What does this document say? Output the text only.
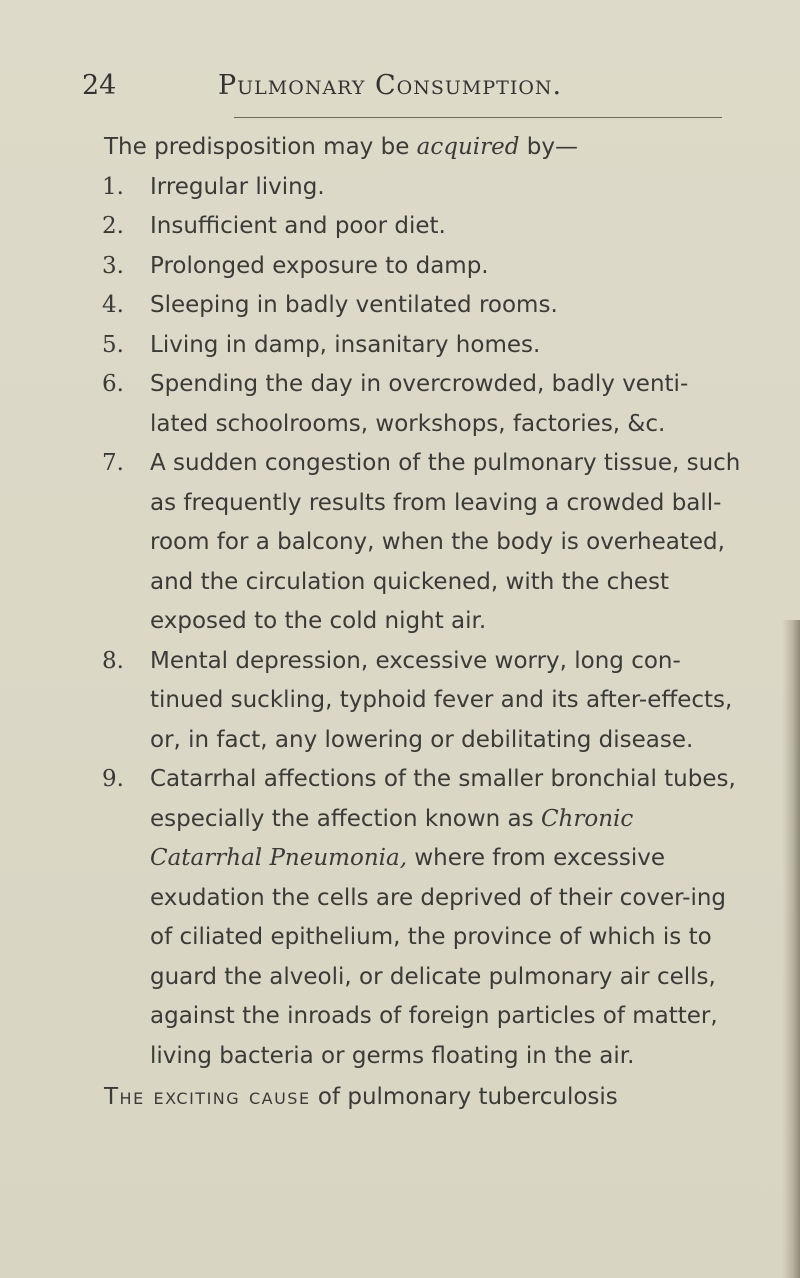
24	Pulmonary Consumption.

The predisposition may be acquired by—

1. Irregular living.
2. Insufficient and poor diet.
3. Prolonged exposure to damp.
4. Sleeping in badly ventilated rooms.
5. Living in damp, insanitary homes.
6. Spending the day in overcrowded, badly venti-lated schoolrooms, workshops, factories, &c.
7. A sudden congestion of the pulmonary tissue, such as frequently results from leaving a crowded ball-room for a balcony, when the body is overheated, and the circulation quickened, with the chest exposed to the cold night air.
8. Mental depression, excessive worry, long con-tinued suckling, typhoid fever and its after-effects, or, in fact, any lowering or debilitating disease.
9. Catarrhal affections of the smaller bronchial tubes, especially the affection known as Chronic Catarrhal Pneumonia, where from excessive exudation the cells are deprived of their cover-ing of ciliated epithelium, the province of which is to guard the alveoli, or delicate pulmonary air cells, against the inroads of foreign particles of matter, living bacteria or germs floating in the air.

The exciting cause of pulmonary tuberculosis
